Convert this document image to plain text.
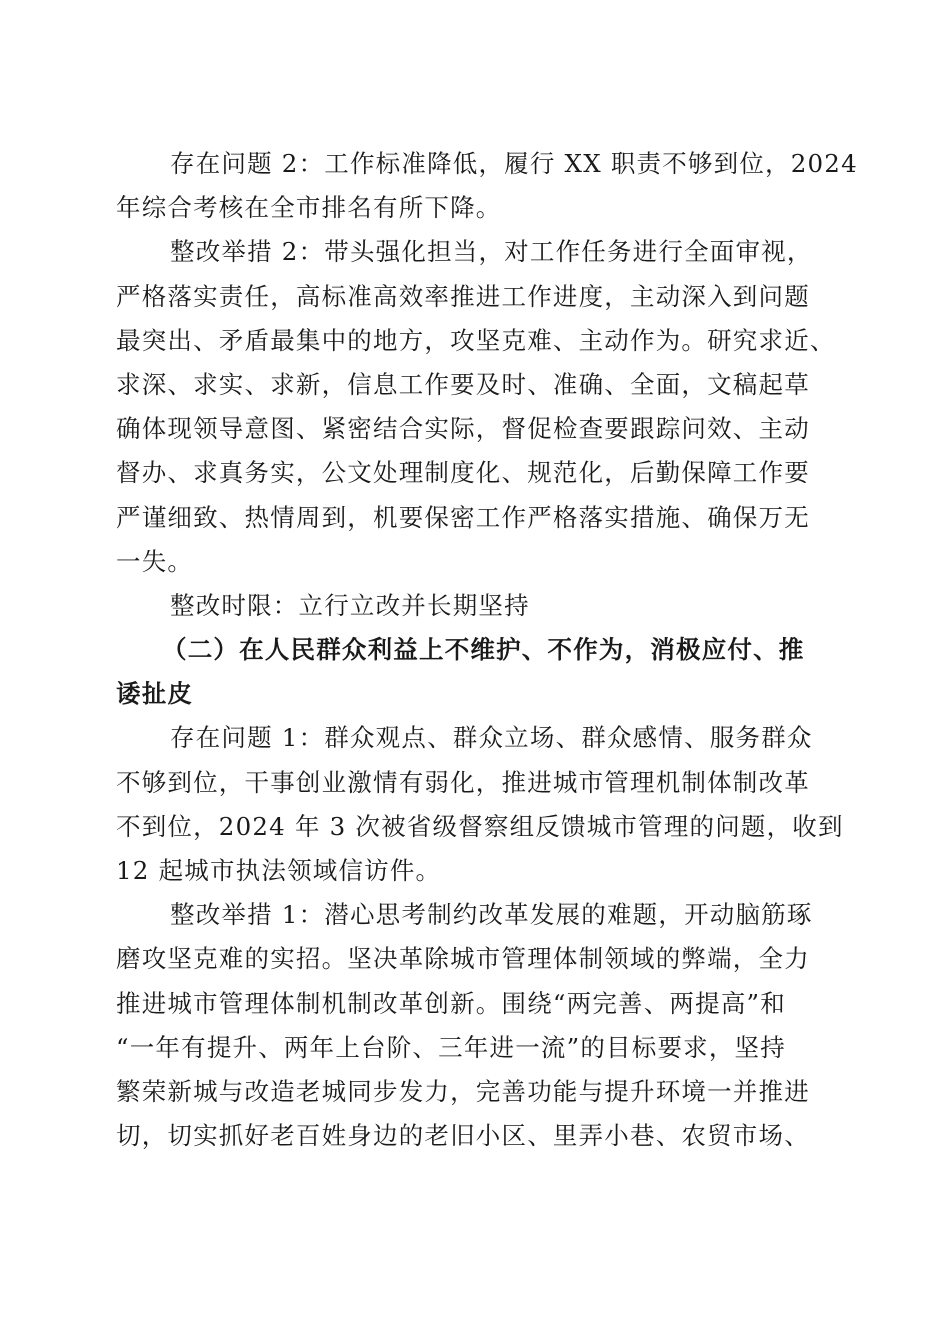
存在问题 2：工作标准降低，履行 XX 职责不够到位，2024
年综合考核在全市排名有所下降。
整改举措 2：带头强化担当，对工作任务进行全面审视，
严格落实责任，高标准高效率推进工作进度，主动深入到问题
最突出、矛盾最集中的地方，攻坚克难、主动作为。研究求近、
求深、求实、求新，信息工作要及时、准确、全面，文稿起草
确体现领导意图、紧密结合实际，督促检查要跟踪问效、主动
督办、求真务实，公文处理制度化、规范化，后勤保障工作要
严谨细致、热情周到，机要保密工作严格落实措施、确保万无
一失。
整改时限：立行立改并长期坚持
（二）在人民群众利益上不维护、不作为，消极应付、推
诿扯皮
存在问题 1：群众观点、群众立场、群众感情、服务群众
不够到位，干事创业激情有弱化，推进城市管理机制体制改革
不到位，2024 年 3 次被省级督察组反馈城市管理的问题，收到
12 起城市执法领域信访件。
整改举措 1：潜心思考制约改革发展的难题，开动脑筋琢
磨攻坚克难的实招。坚决革除城市管理体制领域的弊端，全力
推进城市管理体制机制改革创新。围绕“两完善、两提高”和
“一年有提升、两年上台阶、三年进一流”的目标要求，坚持
繁荣新城与改造老城同步发力，完善功能与提升环境一并推进
切，切实抓好老百姓身边的老旧小区、里弄小巷、农贸市场、
